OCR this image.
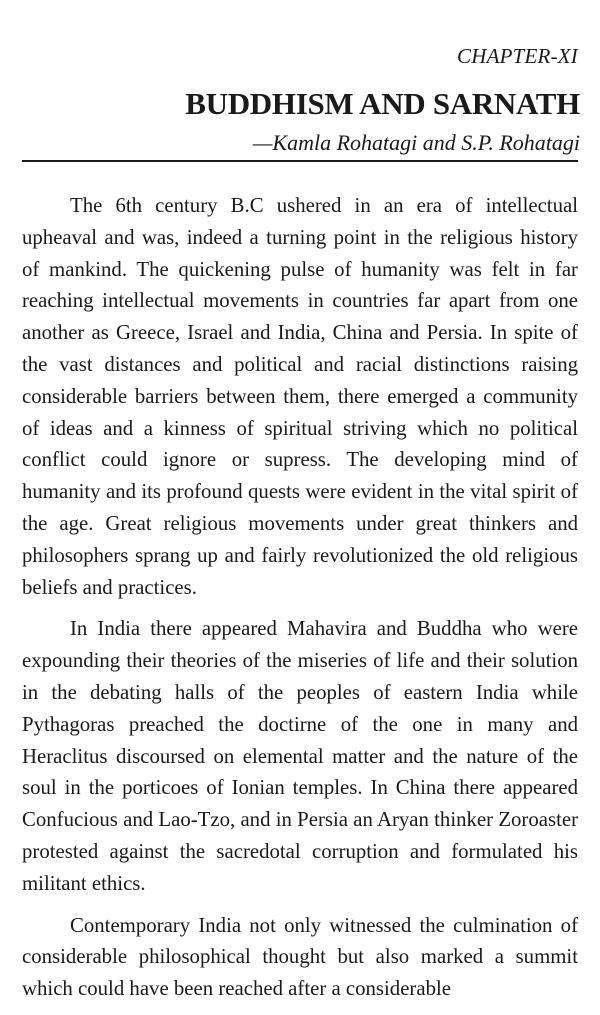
CHAPTER-XI
BUDDHISM AND SARNATH
—Kamla Rohatagi and S.P. Rohatagi

The 6th century B.C ushered in an era of intellectual upheaval and was, indeed a turning point in the religious history of mankind. The quickening pulse of humanity was felt in far reaching intellectual movements in countries far apart from one another as Greece, Israel and India, China and Persia. In spite of the vast distances and political and racial distinctions raising considerable barriers between them, there emerged a community of ideas and a kinness of spiritual striving which no political conflict could ignore or supress. The developing mind of humanity and its profound quests were evident in the vital spirit of the age. Great religious movements under great thinkers and philosophers sprang up and fairly revolutionized the old religious beliefs and practices.

In India there appeared Mahavira and Buddha who were expounding their theories of the miseries of life and their solution in the debating halls of the peoples of eastern India while Pythagoras preached the doctirne of the one in many and Heraclitus discoursed on elemental matter and the nature of the soul in the porticoes of Ionian temples. In China there appeared Confucious and Lao-Tzo, and in Persia an Aryan thinker Zoroaster protested against the sacredotal corruption and formulated his militant ethics.

Contemporary India not only witnessed the culmination of considerable philosophical thought but also marked a summit which could have been reached after a considerable
